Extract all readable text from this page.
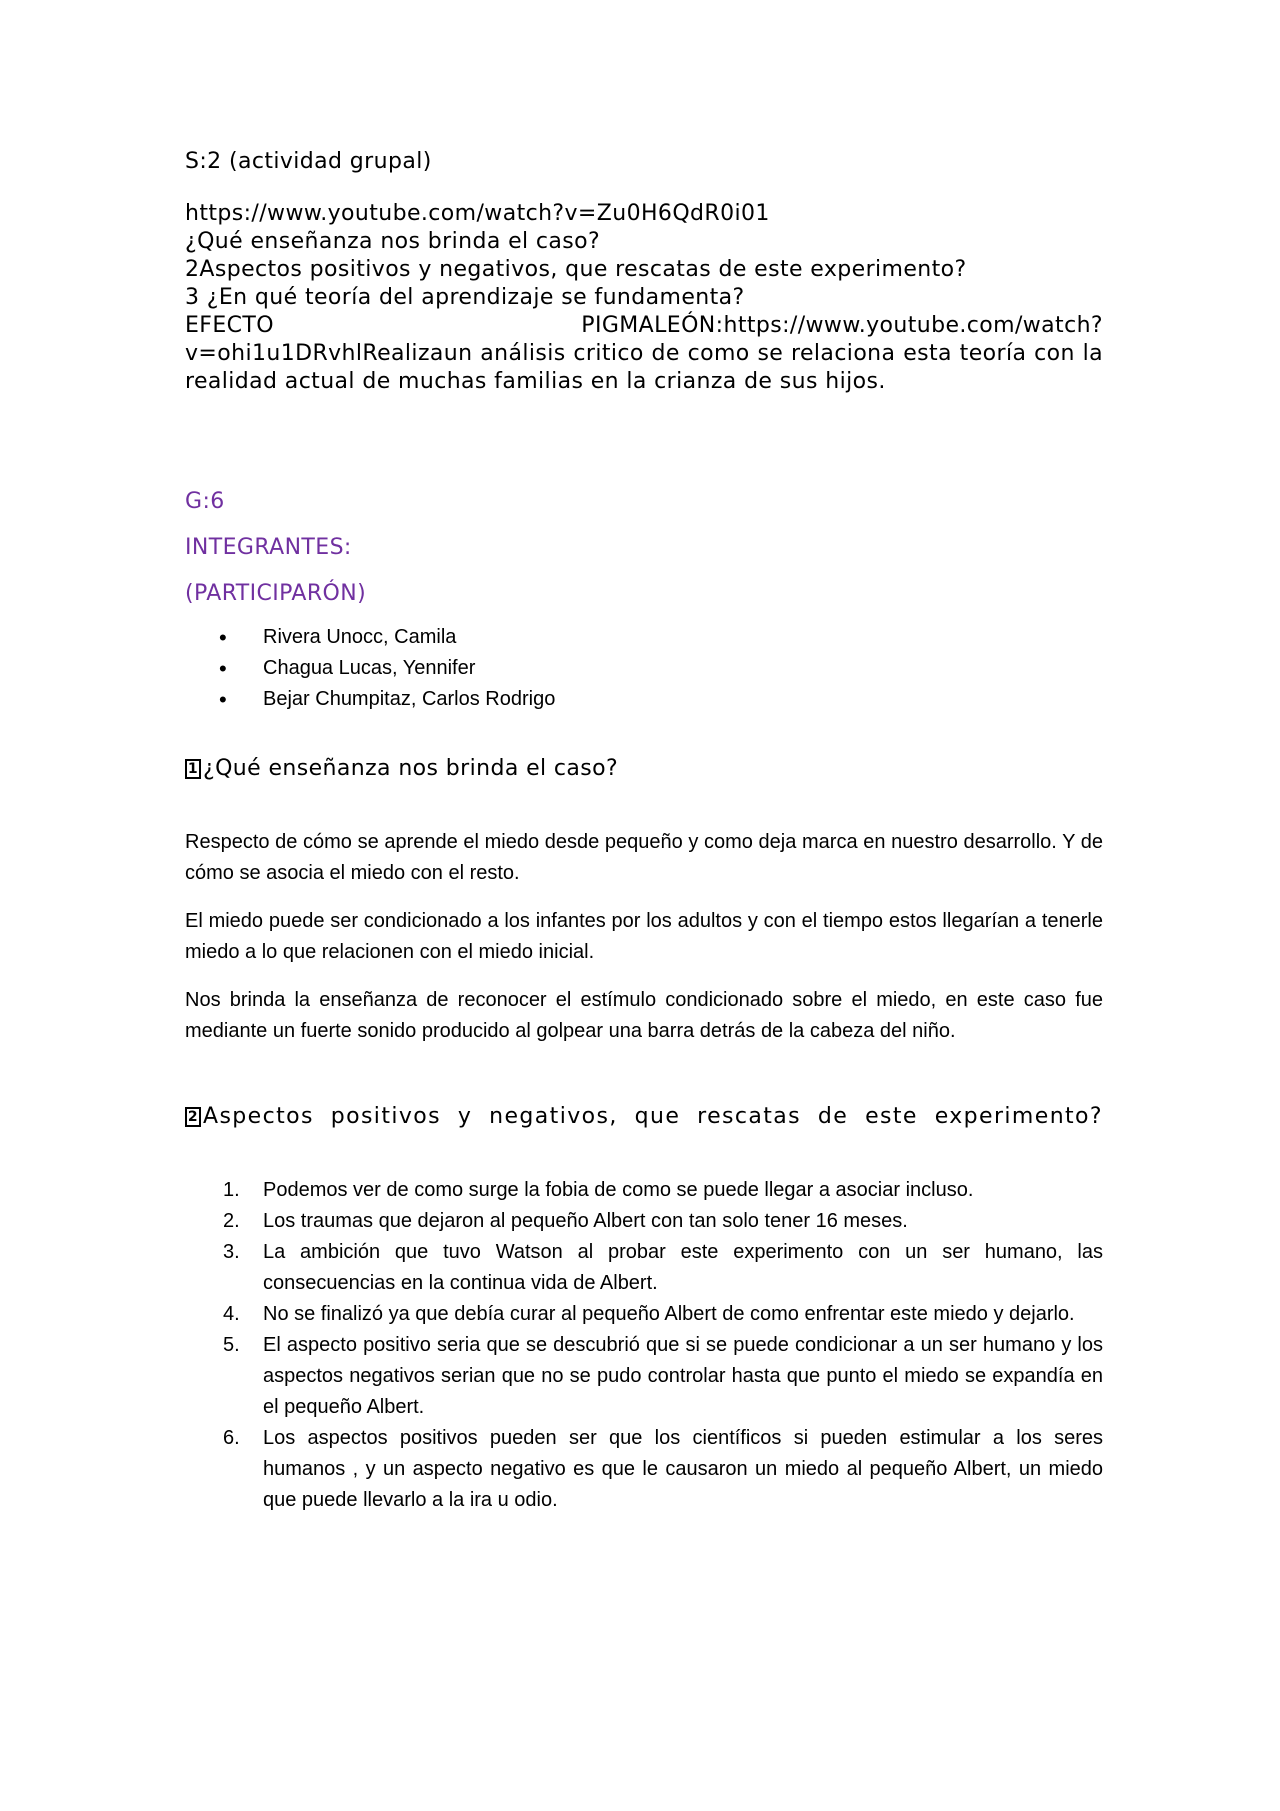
S:2 (actividad grupal)
https://www.youtube.com/watch?v=Zu0H6QdR0i01
¿Qué enseñanza nos brinda el caso?
2Aspectos positivos y negativos, que rescatas de este experimento?
3 ¿En qué teoría del aprendizaje se fundamenta?
EFECTO	PIGMALEÓN:https://www.youtube.com/watch?
v=ohi1u1DRvhlRealizaun análisis critico de como se relaciona esta teoría con la realidad actual de muchas familias en la crianza de sus hijos.
G:6
INTEGRANTES:
(PARTICIPARÓN)
• Rivera Unocc, Camila
• Chagua Lucas, Yennifer
• Bejar Chumpitaz, Carlos Rodrigo
1 ¿Qué enseñanza nos brinda el caso?

Respecto de cómo se aprende el miedo desde pequeño y como deja marca en nuestro desarrollo. Y de cómo se asocia el miedo con el resto.

El miedo puede ser condicionado a los infantes por los adultos y con el tiempo estos llegarían a tenerle miedo a lo que relacionen con el miedo inicial.

Nos brinda la enseñanza de reconocer el estímulo condicionado sobre el miedo, en este caso fue mediante un fuerte sonido producido al golpear una barra detrás de la cabeza del niño.

2 Aspectos positivos y negativos, que rescatas de este experimento?
1. Podemos ver de como surge la fobia de como se puede llegar a asociar incluso.
2. Los traumas que dejaron al pequeño Albert con tan solo tener 16 meses.
3. La ambición que tuvo Watson al probar este experimento con un ser humano, las consecuencias en la continua vida de Albert.
4. No se finalizó ya que debía curar al pequeño Albert de como enfrentar este miedo y dejarlo.
5. El aspecto positivo seria que se descubrió que si se puede condicionar a un ser humano y los aspectos negativos serian que no se pudo controlar hasta que punto el miedo se expandía en el pequeño Albert.
6. Los aspectos positivos pueden ser que los científicos si pueden estimular a los seres humanos , y un aspecto negativo es que le causaron un miedo al pequeño Albert, un miedo que puede llevarlo a la ira u odio.
